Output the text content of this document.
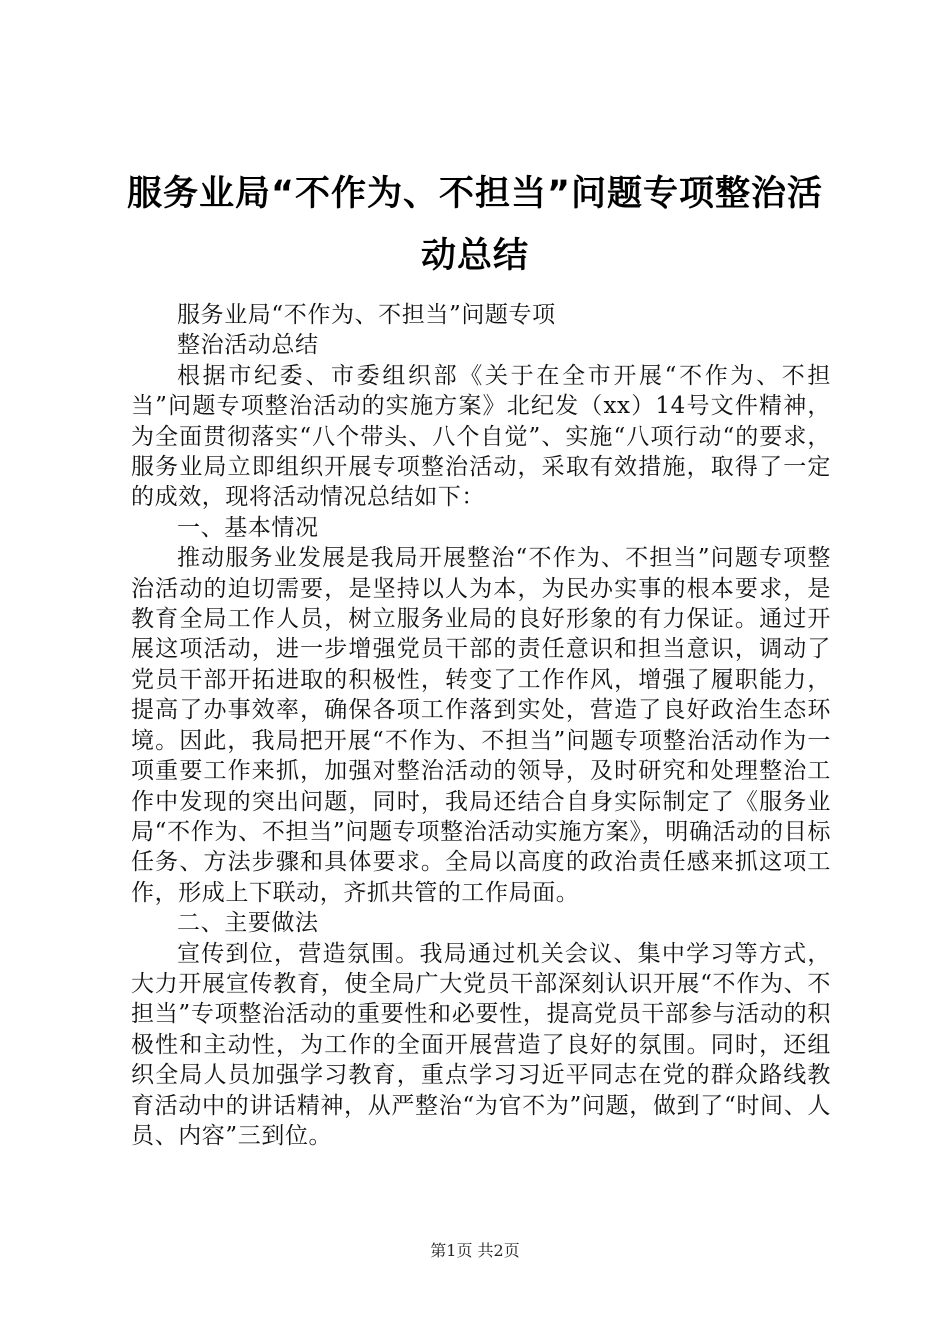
服务业局“不作为、不担当”问题专项整治活动总结

服务业局“不作为、不担当”问题专项

整治活动总结

根据市纪委、市委组织部《关于在全市开展“不作为、不担当”问题专项整治活动的实施方案》北纪发（xx）14号文件精神，为全面贯彻落实“八个带头、八个自觉”、实施“八项行动“的要求，服务业局立即组织开展专项整治活动，采取有效措施，取得了一定的成效，现将活动情况总结如下：

一、基本情况

推动服务业发展是我局开展整治“不作为、不担当”问题专项整治活动的迫切需要，是坚持以人为本，为民办实事的根本要求，是教育全局工作人员，树立服务业局的良好形象的有力保证。通过开展这项活动，进一步增强党员干部的责任意识和担当意识，调动了党员干部开拓进取的积极性，转变了工作作风，增强了履职能力，提高了办事效率，确保各项工作落到实处，营造了良好政治生态环境。因此，我局把开展“不作为、不担当”问题专项整治活动作为一项重要工作来抓，加强对整治活动的领导，及时研究和处理整治工作中发现的突出问题，同时，我局还结合自身实际制定了《服务业局“不作为、不担当”问题专项整治活动实施方案》，明确活动的目标任务、方法步骤和具体要求。全局以高度的政治责任感来抓这项工作，形成上下联动，齐抓共管的工作局面。

二、主要做法

宣传到位，营造氛围。我局通过机关会议、集中学习等方式，大力开展宣传教育，使全局广大党员干部深刻认识开展“不作为、不担当”专项整治活动的重要性和必要性，提高党员干部参与活动的积极性和主动性，为工作的全面开展营造了良好的氛围。同时，还组织全局人员加强学习教育，重点学习习近平同志在党的群众路线教育活动中的讲话精神，从严整治“为官不为”问题，做到了“时间、人员、内容”三到位。

第1页 共2页
